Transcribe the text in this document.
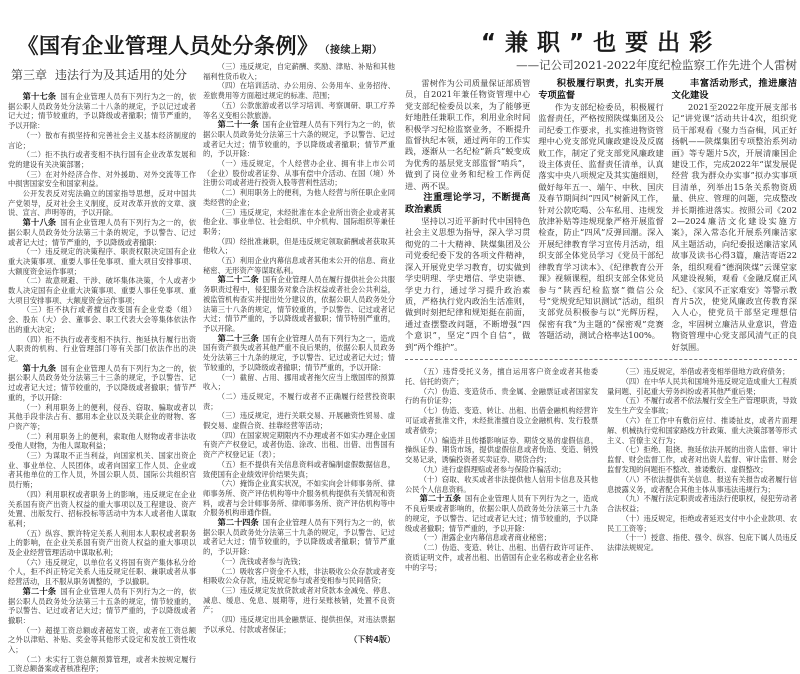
《国有企业管理人员处分条例》 （接续上期）
第三章 违法行为及其适用的处分

第十七条 国有企业管理人员有下列行为之一的，依据公职人员政务处分法第二十八条的规定，予以记过或者记大过；情节较重的，予以降级或者撤职；情节严重的，予以开除：

（一）散布有损坚持和完善社会主义基本经济制度的言论；

（二）拒不执行或者变相不执行国有企业改革发展和党的建设有关决策部署；

（三）在对外经济合作、对外援助、对外交流等工作中损害国家安全和国家利益。

公开发表反对宪法确立的国家指导思想，反对中国共产党领导，反对社会主义制度，反对改革开放的文章、演说、宣言、声明等的，予以开除。

第十八条 国有企业管理人员有下列行为之一的，依据公职人员政务处分法第三十条的规定，予以警告、记过或者记大过；情节严重的，予以降级或者撤职：

（一）违反规定的决策程序、职责权限决定国有企业重大决策事项、重要人事任免事项、重大项目安排事项、大额度资金运作事项；

（二）故意规避、干涉、破坏集体决策，个人或者少数人决定国有企业重大决策事项、重要人事任免事项、重大项目安排事项、大额度资金运作事项；

（三）拒不执行或者擅自改变国有企业党委（组）会、股东（大）会、董事会、职工代表大会等集体依法作出的重大决定；

（四）拒不执行或者变相不执行、拖延执行履行出资人职责的机构、行业管理部门等有关部门依法作出的决定。

第十九条 国有企业管理人员有下列行为之一的，依据公职人员政务处分法第三十三条的规定，予以警告、记过或者记大过；情节较重的，予以降级或者撤职；情节严重的，予以开除：

（一）利用职务上的便利，侵吞、窃取、骗取或者以其他手段非法占有、挪用本企业以及关联企业的财物、客户资产等；

（二）利用职务上的便利，索取他人财物或者非法收受他人财物，为他人谋取利益；

（三）为谋取不正当利益，向国家机关、国家出资企业、事业单位、人民团体，或者向国家工作人员、企业或者其他单位的工作人员，外国公职人员、国际公共组织官员行贿；

（四）利用职权或者职务上的影响，违反规定在企业关系国有资产出资人权益的重大事项以及工程建设、资产处置、出版发行、招标投标等活动中为本人或者他人谋取私利；

（五）纵容、默许特定关系人利用本人职权或者职务上的影响，在企业关系国有资产出资人权益的重大事项以及企业经营管理活动中谋取私利；

（六）违反规定，以单位名义将国有资产集体私分给个人，拒不纠正特定关系人违反规定任职、兼职或者从事经营活动，且不服从职务调整的，予以撤职。

第二十条 国有企业管理人员有下列行为之一的，依据公职人员政务处分法第三十五条的规定，情节较重的，予以警告、记过或者记大过；情节严重的，予以降级或者撤职：

（一）超提工资总额或者超发工资，或者在工资总额之外以津贴、补贴、奖金等其他形式设定和发放工资性收入；

（二）未实行工资总额预算管理，或者未按规定履行工资总额备案或者核准程序；

（三）违反规定，自定薪酬、奖励、津贴、补贴和其他福利性货币收入；

（四）在培训活动、办公用房、公务用车、业务招待、差旅费用等方面超过规定的标准、范围；

（五）公款旅游或者以学习培训、考察调研、职工疗养等名义变相公款旅游。

第二十一条 国有企业管理人员有下列行为之一的，依据公职人员政务处分法第三十六条的规定，予以警告、记过或者记大过；情节较重的，予以降级或者撤职；情节严重的，予以开除：

（一）违反规定，个人经营办企业、拥有非上市公司（企业）股份或者证券、从事有偿中介活动、在国（境）外注册公司或者进行投资入股等营利性活动；

（二）利用职务上的便利，为他人经营与所任职企业同类经营的企业；

（三）违反规定，未经批准在本企业所出资企业或者其他企业、事业单位、社会组织、中介机构、国际组织等兼任职务；

（四）经批准兼职，但是违反规定领取薪酬或者获取其他收入；

（五）利用企业内幕信息或者其他未公开的信息、商业秘密、无形资产等谋取私利。

第二十二条 国有企业管理人员在履行提供社会公共服务职责过程中，侵犯服务对象合法权益或者社会公共利益，被监管机构查实并提出处分建议的，依据公职人员政务处分法第三十八条的规定，情节较重的，予以警告、记过或者记大过；情节严重的，予以降级或者撤职；情节特别严重的，予以开除。

第二十三条 国有企业管理人员有下列行为之一，造成国有资产损失或者其他严重不良后果的，依据公职人员政务处分法第三十九条的规定，予以警告、记过或者记大过；情节较重的，予以降级或者撤职；情节严重的，予以开除：

（一）截留、占用、挪用或者拖欠应当上缴国库的预算收入；

（二）违反规定，不履行或者不正确履行经营投资职责；

（三）违反规定，进行关联交易、开展融资性贸易、虚假交易、虚假合资、挂靠经营等活动；

（四）在国家规定期限内不办理或者不如实办理企业国有资产产权登记，或者伪造、涂改、出租、出借、出售国有资产产权登记证（表）；

（五）拒不提供有关信息资料或者编制虚假数据信息，致使国有企业绩效评价结果失真；

（六）掩饰企业真实状况，不如实向会计师事务所、律师事务所、资产评估机构等中介服务机构提供有关情况和资料，或者与会计师事务所、律师事务所、资产评估机构等中介服务机构串通作假。

第二十四条 国有企业管理人员有下列行为之一的，依据公职人员政务处分法第三十九条的规定，予以警告、记过或者记大过；情节较重的，予以降级或者撤职；情节严重的，予以开除：

（一）洗钱或者参与洗钱；

（二）吸收客户资金不入账，非法吸收公众存款或者变相吸收公众存款，违反规定参与或者变相参与民间借贷；

（三）违反规定发放贷款或者对贷款本金减免、停息、减息、缓息、免息、展期等，进行呆账核销，处置不良资产；

（四）违反规定出具金融票证、提供担保，对违法票据予以承兑、付款或者保证；

（下转4版）
“兼职”也要出彩
——记公司2021-2022年度纪检监察工作先进个人雷树

雷树作为公司质量保证部质管员，自2021年兼任物资管理中心党支部纪检委员以来，为了能够更好地胜任兼职工作，利用业余时间积极学习纪检监察业务，不断提升监督执纪本领，通过两年的工作实践，逐渐从一名纪检“新兵”蜕变成为优秀的基层党支部监督“哨兵”，做到了岗位业务和纪检工作两促进、两不误。

注重理论学习，不断提高政治素质

坚持以习近平新时代中国特色社会主义思想为指导，深入学习贯彻党的二十大精神、陕煤集团及公司党委纪委下发的各项文件精神，深入开展党史学习教育，切实做到学史明理、学史增信、学史崇德、学史力行，通过学习提升政治素质，严格执行党内政治生活准则，做到时刻把纪律和规矩挺在前面，通过查摆整改问题，不断增强“四个意识”，坚定“四个自信”，做到“两个维护”。

积极履行职责，扎实开展专项监督

作为支部纪检委员，积极履行监督责任，严格按照陕煤集团及公司纪委工作要求，扎实推进物资管理中心党支部党风廉政建设及反腐败工作，制定了党支部党风廉政建设主体责任、监督责任清单，认真落实中央八项规定及其实施细则，做好每年五一、端午、中秋、国庆及春节期间纠“四风”树新风工作，针对公款吃喝、公车私用、违规发放津补贴等违规现象严格开展监督检查，防止“四风”反弹回潮。深入开展纪律教育学习宣传月活动，组织支部全体党员学习《党员干部纪律教育学习读本》、《纪律教育公开课》视频课程，组织支部全体党员参与“陕西纪检监察”微信公众号“党规党纪知识测试”活动，组织支部党员积极参与以“光辉历程，保密有我”为主题的“保密观”竞赛答题活动，测试合格率达100%。

丰富活动形式，推进廉洁文化建设

2021至2022年度开展支部书记“讲党课”活动共计4次，组织党员干部观看《聚力当奋楫，风正好扬帆——陕煤集团专项整治系列动画》等专题片5次，开展清廉国企建设工作，完成2022年“谋发展促经营 我为群众办实事”拟办实事项目清单，列举出15条关系物资质量、供应、管理的问题，完成整改并长期推进落实。按照公司《2022—2024廉洁文化建设实施方案》，深入常态化开展系列廉洁家风主题活动，向纪委报送廉洁家风故事及读书心得3篇，廉洁寄语22条，组织观看“德润陕煤”云课堂家风建设视频，观看《金融反腐正风纪》、《家风不正家难安》等警示教育片5次，使党风廉政宣传教育深入人心，使党员干部坚定理想信念，牢固树立廉洁从业意识，营造物资管理中心党支部风清气正的良好氛围。

（五）违背受托义务，擅自运用客户资金或者其他委托、信托的资产；

（六）伪造、变造货币、贵金属、金融票证或者国家发行的有价证券；

（七）伪造、变造、转让、出租、出借金融机构经营许可证或者批准文件，未经批准擅自设立金融机构、发行股票或者债券；

（八）编造并且传播影响证券、期货交易的虚假信息，操纵证券、期货市场，提供虚假信息或者伪造、变造、销毁交易记录，诱骗投资者买卖证券、期货合约；

（九）进行虚假理赔或者参与保险诈骗活动；

（十）窃取、收买或者非法提供他人信用卡信息及其他公民个人信息资料。

第二十五条 国有企业管理人员有下列行为之一，造成不良后果或者影响的，依据公职人员政务处分法第三十九条的规定，予以警告、记过或者记大过；情节较重的，予以降级或者撤职；情节严重的，予以开除：

（一）泄露企业内幕信息或者商业秘密；

（二）伪造、变造、转让、出租、出借行政许可证件、资质证明文件，或者出租、出借国有企业名称或者企业名称中的字号；

（三）违反规定，举借或者变相举借地方政府债务；

（四）在中华人民共和国境外违反规定造成重大工程质量问题、引起重大劳务纠纷或者其他严重后果；

（五）不履行或者不依法履行安全生产管理职责，导致发生生产安全事故；

（六）在工作中有敷衍应付、推诿扯皮，或者片面理解、机械执行党和国家路线方针政策、重大决策部署等形式主义、官僚主义行为；

（七）拒绝、阻挠、拖延依法开展的出资人监督、审计监督、财会监督工作，或者对出资人监督、审计监督、财会监督发现的问题拒不整改、推诿敷衍、虚假整改；

（八）不依法提供有关信息、报送有关报告或者履行信息披露义务，或者配合其他主体从事违法违规行为；

（九）不履行法定职责或者违法行使职权，侵犯劳动者合法权益；

（十）违反规定，拒绝或者延迟支付中小企业款项、农民工工资等；

（十一）授意、指使、强令、纵容、包庇下属人员违反法律法规规定。
